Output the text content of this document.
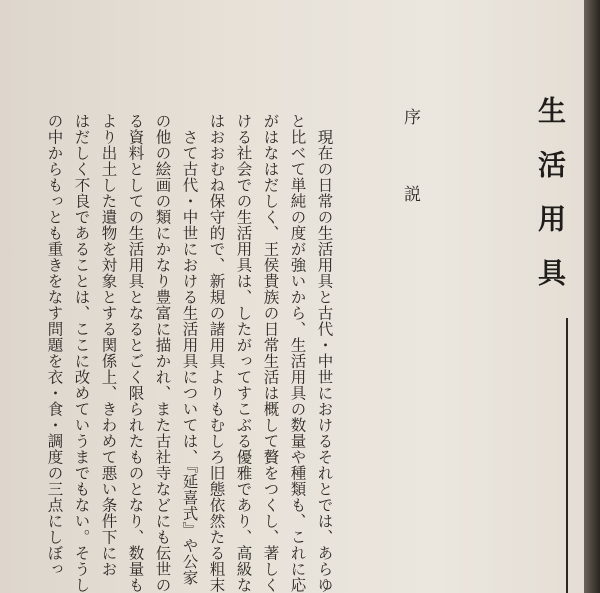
生活用具
序説
　現在の日常の生活用具と古代・中世におけるそれとでは、あらゆ
と比べて単純の度が強いから、生活用具の数量や種類も、これに応
がはなはだしく、王侯貴族の日常生活は概して贅をつくし、著しく
ける社会での生活用具は、したがってすこぶる優雅であり、高級な
はおおむね保守的で、新規の諸用具よりもむしろ旧態依然たる粗末
　さて古代・中世における生活用具については、『延喜式』や公家
の他の絵画の類にかなり豊富に描かれ、また古社寺などにも伝世の
る資料としての生活用具となるとごく限られたものとなり、数量も
より出土した遺物を対象とする関係上、きわめて悪い条件下にお
はだしく不良であることは、ここに改めていうまでもない。そうし
の中からもっとも重きをなす問題を衣・食・調度の三点にしぼっ
